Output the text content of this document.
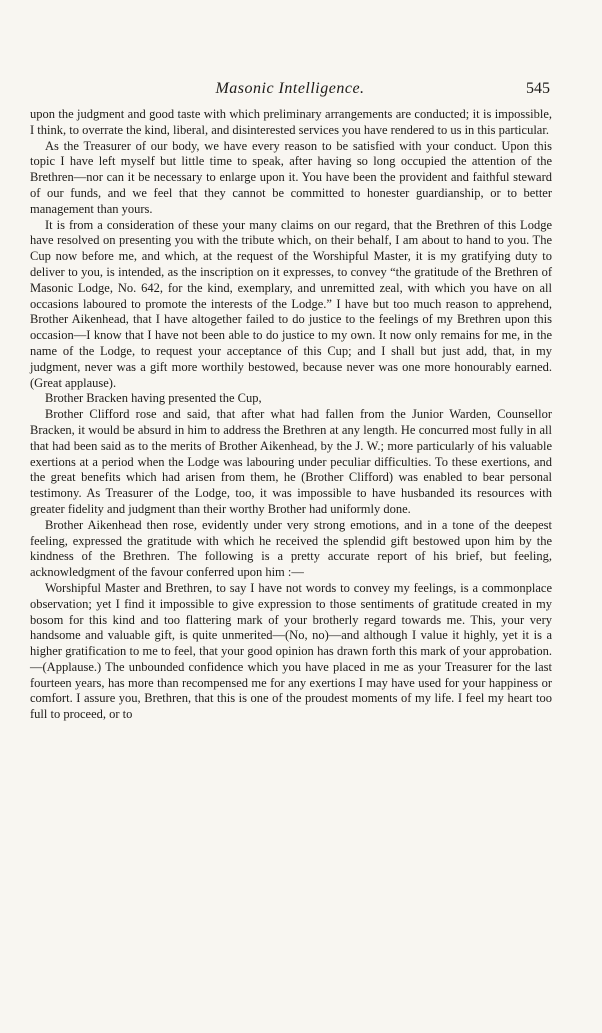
Masonic Intelligence.	545

upon the judgment and good taste with which preliminary arrangements are conducted; it is impossible, I think, to overrate the kind, liberal, and disinterested services you have rendered to us in this particular.

As the Treasurer of our body, we have every reason to be satisfied with your conduct. Upon this topic I have left myself but little time to speak, after having so long occupied the attention of the Brethren—nor can it be necessary to enlarge upon it. You have been the provident and faithful steward of our funds, and we feel that they cannot be committed to honester guardianship, or to better management than yours.

It is from a consideration of these your many claims on our regard, that the Brethren of this Lodge have resolved on presenting you with the tribute which, on their behalf, I am about to hand to you. The Cup now before me, and which, at the request of the Worshipful Master, it is my gratifying duty to deliver to you, is intended, as the inscription on it expresses, to convey “the gratitude of the Brethren of Masonic Lodge, No. 642, for the kind, exemplary, and unremitted zeal, with which you have on all occasions laboured to promote the interests of the Lodge.” I have but too much reason to apprehend, Brother Aikenhead, that I have altogether failed to do justice to the feelings of my Brethren upon this occasion—I know that I have not been able to do justice to my own. It now only remains for me, in the name of the Lodge, to request your acceptance of this Cup; and I shall but just add, that, in my judgment, never was a gift more worthily bestowed, because never was one more honourably earned. (Great applause).

Brother Bracken having presented the Cup,

Brother Clifford rose and said, that after what had fallen from the Junior Warden, Counsellor Bracken, it would be absurd in him to address the Brethren at any length. He concurred most fully in all that had been said as to the merits of Brother Aikenhead, by the J. W.; more particularly of his valuable exertions at a period when the Lodge was labouring under peculiar difficulties. To these exertions, and the great benefits which had arisen from them, he (Brother Clifford) was enabled to bear personal testimony. As Treasurer of the Lodge, too, it was impossible to have husbanded its resources with greater fidelity and judgment than their worthy Brother had uniformly done.

Brother Aikenhead then rose, evidently under very strong emotions, and in a tone of the deepest feeling, expressed the gratitude with which he received the splendid gift bestowed upon him by the kindness of the Brethren. The following is a pretty accurate report of his brief, but feeling, acknowledgment of the favour conferred upon him :—

Worshipful Master and Brethren, to say I have not words to convey my feelings, is a commonplace observation; yet I find it impossible to give expression to those sentiments of gratitude created in my bosom for this kind and too flattering mark of your brotherly regard towards me. This, your very handsome and valuable gift, is quite unmerited—(No, no)—and although I value it highly, yet it is a higher gratification to me to feel, that your good opinion has drawn forth this mark of your approbation.—(Applause.) The unbounded confidence which you have placed in me as your Treasurer for the last fourteen years, has more than recompensed me for any exertions I may have used for your happiness or comfort. I assure you, Brethren, that this is one of the proudest moments of my life. I feel my heart too full to proceed, or to
